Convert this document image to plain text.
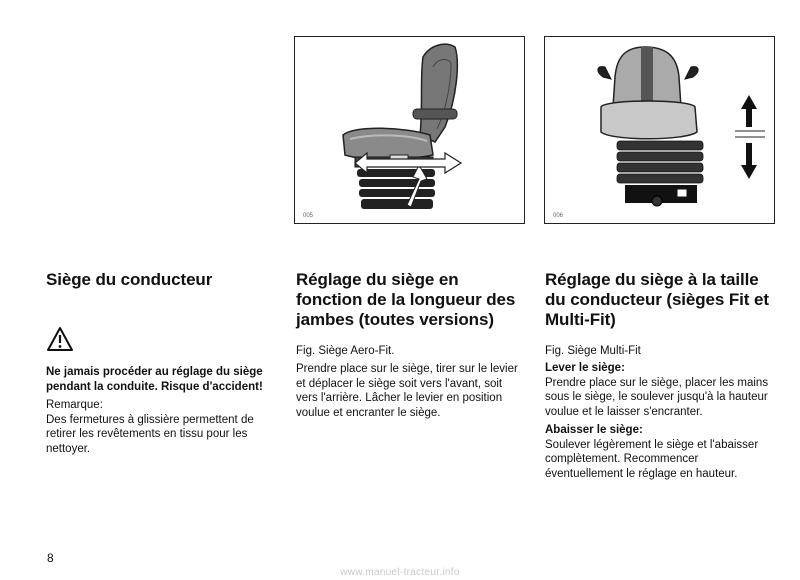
005	006
Siège du conducteur

Ne jamais procéder au réglage du siège pendant la conduite. Risque d'accident!

Remarque:

Des fermetures à glissière permettent de retirer les revêtements en tissu pour les nettoyer.

Réglage du siège en fonction de la longueur des jambes (toutes versions)
Fig. Siège Aero-Fit.

Prendre place sur le siège, tirer sur le levier et déplacer le siège soit vers l'avant, soit vers l'arrière. Lâcher le levier en position voulue et encranter le siège.

Réglage du siège à la taille du conducteur (sièges Fit et Multi-Fit)
Fig. Siège Multi-Fit

Lever le siège:

Prendre place sur le siège, placer les mains sous le siège, le soulever jusqu'à la hauteur voulue et le laisser s'encranter.

Abaisser le siège:

Soulever légèrement le siège et l'abaisser complètement. Recommencer éventuellement le réglage en hauteur.

8
www.manuel-tracteur.info
